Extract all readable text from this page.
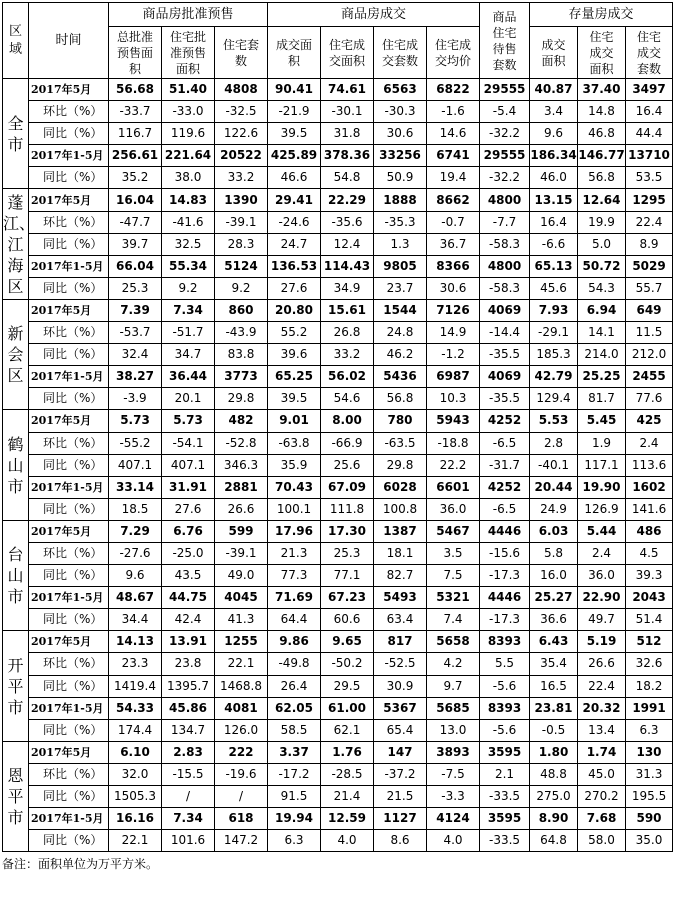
区域	时间	商品房批准预售			商品房成交				商品住宅待售套数	存量房成交		
		总批准预售面积	住宅批准预售面积	住宅套数	成交面积	住宅成交面积	住宅成交套数	住宅成交均价		成交面积	住宅成交面积	住宅成交套数

全
市	2017年5月	56.68	51.40	4808	90.41	74.61	6563	6822	29555	40.87	37.40	3497
	环比（%）	-33.7	-33.0	-32.5	-21.9	-30.1	-30.3	-1.6	-5.4	3.4	14.8	16.4
	同比（%）	116.7	119.6	122.6	39.5	31.8	30.6	14.6	-32.2	9.6	46.8	44.4
	2017年1-5月	256.61	221.64	20522	425.89	378.36	33256	6741	29555	186.34	146.77	13710
	同比（%）	35.2	38.0	33.2	46.6	54.8	50.9	19.4	-32.2	46.0	56.8	53.5

蓬
江、
江海
区	2017年5月	16.04	14.83	1390	29.41	22.29	1888	8662	4800	13.15	12.64	1295
	环比（%）	-47.7	-41.6	-39.1	-24.6	-35.6	-35.3	-0.7	-7.7	16.4	19.9	22.4
	同比（%）	39.7	32.5	28.3	24.7	12.4	1.3	36.7	-58.3	-6.6	5.0	8.9
	2017年1-5月	66.04	55.34	5124	136.53	114.43	9805	8366	4800	65.13	50.72	5029
	同比（%）	25.3	9.2	9.2	27.6	34.9	23.7	30.6	-58.3	45.6	54.3	55.7

新
会
区	2017年5月	7.39	7.34	860	20.80	15.61	1544	7126	4069	7.93	6.94	649
	环比（%）	-53.7	-51.7	-43.9	55.2	26.8	24.8	14.9	-14.4	-29.1	14.1	11.5
	同比（%）	32.4	34.7	83.8	39.6	33.2	46.2	-1.2	-35.5	185.3	214.0	212.0
	2017年1-5月	38.27	36.44	3773	65.25	56.02	5436	6987	4069	42.79	25.25	2455
	同比（%）	-3.9	20.1	29.8	39.5	54.6	56.8	10.3	-35.5	129.4	81.7	77.6

鹤
山
市	2017年5月	5.73	5.73	482	9.01	8.00	780	5943	4252	5.53	5.45	425
	环比（%）	-55.2	-54.1	-52.8	-63.8	-66.9	-63.5	-18.8	-6.5	2.8	1.9	2.4
	同比（%）	407.1	407.1	346.3	35.9	25.6	29.8	22.2	-31.7	-40.1	117.1	113.6
	2017年1-5月	33.14	31.91	2881	70.43	67.09	6028	6601	4252	20.44	19.90	1602
	同比（%）	18.5	27.6	26.6	100.1	111.8	100.8	36.0	-6.5	24.9	126.9	141.6

台
山
市	2017年5月	7.29	6.76	599	17.96	17.30	1387	5467	4446	6.03	5.44	486
	环比（%）	-27.6	-25.0	-39.1	21.3	25.3	18.1	3.5	-15.6	5.8	2.4	4.5
	同比（%）	9.6	43.5	49.0	77.3	77.1	82.7	7.5	-17.3	16.0	36.0	39.3
	2017年1-5月	48.67	44.75	4045	71.69	67.23	5493	5321	4446	25.27	22.90	2043
	同比（%）	34.4	42.4	41.3	64.4	60.6	63.4	7.4	-17.3	36.6	49.7	51.4

开
平
市	2017年5月	14.13	13.91	1255	9.86	9.65	817	5658	8393	6.43	5.19	512
	环比（%）	23.3	23.8	22.1	-49.8	-50.2	-52.5	4.2	5.5	35.4	26.6	32.6
	同比（%）	1419.4	1395.7	1468.8	26.4	29.5	30.9	9.7	-5.6	16.5	22.4	18.2
	2017年1-5月	54.33	45.86	4081	62.05	61.00	5367	5685	8393	23.81	20.32	1991
	同比（%）	174.4	134.7	126.0	58.5	62.1	65.4	13.0	-5.6	-0.5	13.4	6.3

恩
平
市	2017年5月	6.10	2.83	222	3.37	1.76	147	3893	3595	1.80	1.74	130
	环比（%）	32.0	-15.5	-19.6	-17.2	-28.5	-37.2	-7.5	2.1	48.8	45.0	31.3
	同比（%）	1505.3	/	/	91.5	21.4	21.5	-3.3	-33.5	275.0	270.2	195.5
	2017年1-5月	16.16	7.34	618	19.94	12.59	1127	4124	3595	8.90	7.68	590
	同比（%）	22.1	101.6	147.2	6.3	4.0	8.6	4.0	-33.5	64.8	58.0	35.0
备注：面积单位为万平方米。
